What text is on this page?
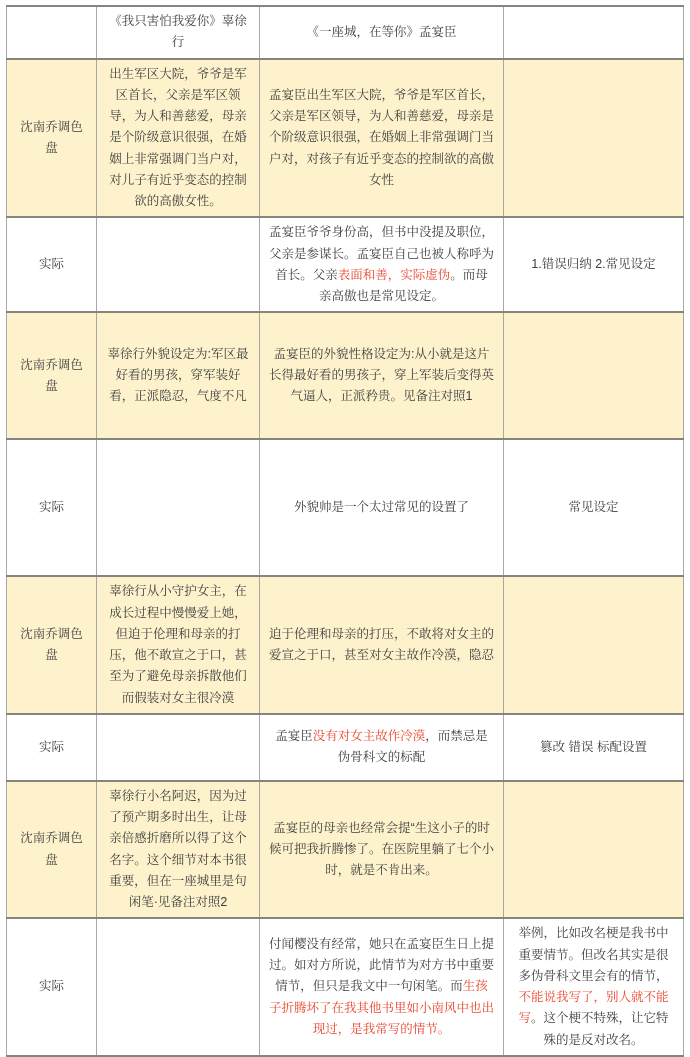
	《我只害怕我爱你》辜徐行	《一座城，在等你》孟宴臣	
沈南乔调色盘	出生军区大院，爷爷是军区首长，父亲是军区领导，为人和善慈爱，母亲是个阶级意识很强，在婚姻上非常强调门当户对，对儿子有近乎变态的控制欲的高傲女性。	孟宴臣出生军区大院，爷爷是军区首长，父亲是军区领导，为人和善慈爱，母亲是个阶级意识很强，在婚姻上非常强调门当户对，对孩子有近乎变态的控制欲的高傲女性	
实际		孟宴臣爷爷身份高，但书中没提及职位，父亲是参谋长。孟宴臣自己也被人称呼为首长。父亲表面和善，实际虚伪。而母亲高傲也是常见设定。	1.错误归纳 2.常见设定
沈南乔调色盘	辜徐行外貌设定为:军区最好看的男孩，穿军装好看，正派隐忍，气度不凡	孟宴臣的外貌性格设定为:从小就是这片长得最好看的男孩子，穿上军装后变得英气逼人，正派矜贵。见备注对照1	
实际		外貌帅是一个太过常见的设置了	常见设定
沈南乔调色盘	辜徐行从小守护女主，在成长过程中慢慢爱上她，但迫于伦理和母亲的打压，他不敢宣之于口，甚至为了避免母亲拆散他们而假装对女主很冷漠	迫于伦理和母亲的打压，不敢将对女主的爱宣之于口，甚至对女主故作冷漠，隐忍	
实际		孟宴臣没有对女主故作冷漠，而禁忌是伪骨科文的标配	篡改 错误 标配设置
沈南乔调色盘	辜徐行小名阿迟，因为过了预产期多时出生，让母亲倍感折磨所以得了这个名字。这个细节对本书很重要，但在一座城里是句闲笔·见备注对照2	孟宴臣的母亲也经常会提“生这小子的时候可把我折腾惨了。在医院里躺了七个小时，就是不肯出来。	
实际		付闻樱没有经常，她只在孟宴臣生日上提过。如对方所说，此情节为对方书中重要情节，但只是我文中一句闲笔。而生孩子折腾坏了在我其他书里如小南风中也出现过，是我常写的情节。	举例，比如改名梗是我书中重要情节。但改名其实是很多伪骨科文里会有的情节，不能说我写了，别人就不能写。这个梗不特殊，让它特殊的是反对改名。
